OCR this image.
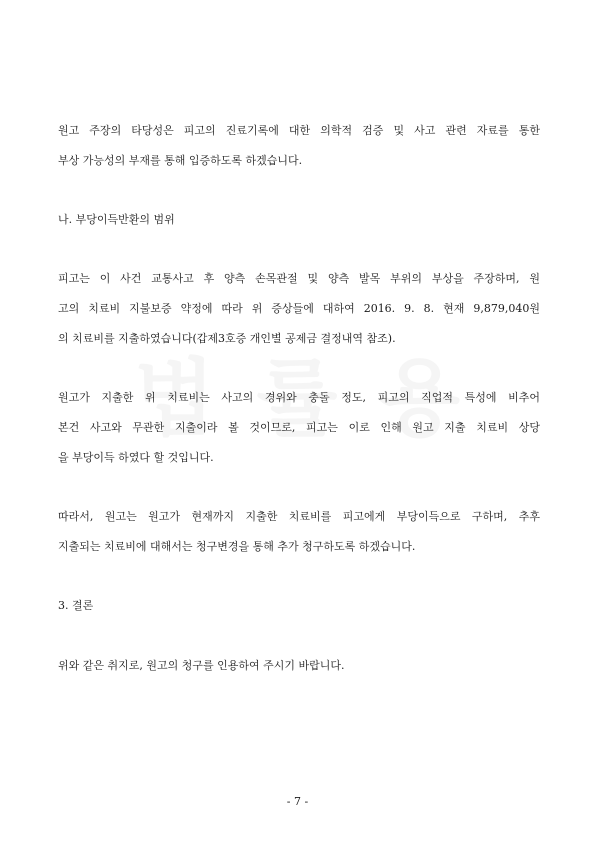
원고 주장의 타당성은 피고의 진료기록에 대한 의학적 검증 및 사고 관련 자료를 통한
부상 가능성의 부재를 통해 입증하도록 하겠습니다.
나. 부당이득반환의 범위
피고는 이 사건 교통사고 후 양측 손목관절 및 양측 발목 부위의 부상을 주장하며, 원
고의 치료비 지불보증 약정에 따라 위 증상들에 대하여 2016. 9. 8. 현재 9,879,040원
의 치료비를 지출하였습니다(갑제3호증 개인별 공제금 결정내역 참조).
원고가 지출한 위 치료비는 사고의 경위와 충돌 정도, 피고의 직업적 특성에 비추어
본건 사고와 무관한 지출이라 볼 것이므로, 피고는 이로 인해 원고 지출 치료비 상당
을 부당이득 하였다 할 것입니다.
따라서, 원고는 원고가 현재까지 지출한 치료비를 피고에게 부당이득으로 구하며, 추후
지출되는 치료비에 대해서는 청구변경을 통해 추가 청구하도록 하겠습니다.
3. 결론
위와 같은 취지로, 원고의 청구를 인용하여 주시기 바랍니다.
- 7 -
